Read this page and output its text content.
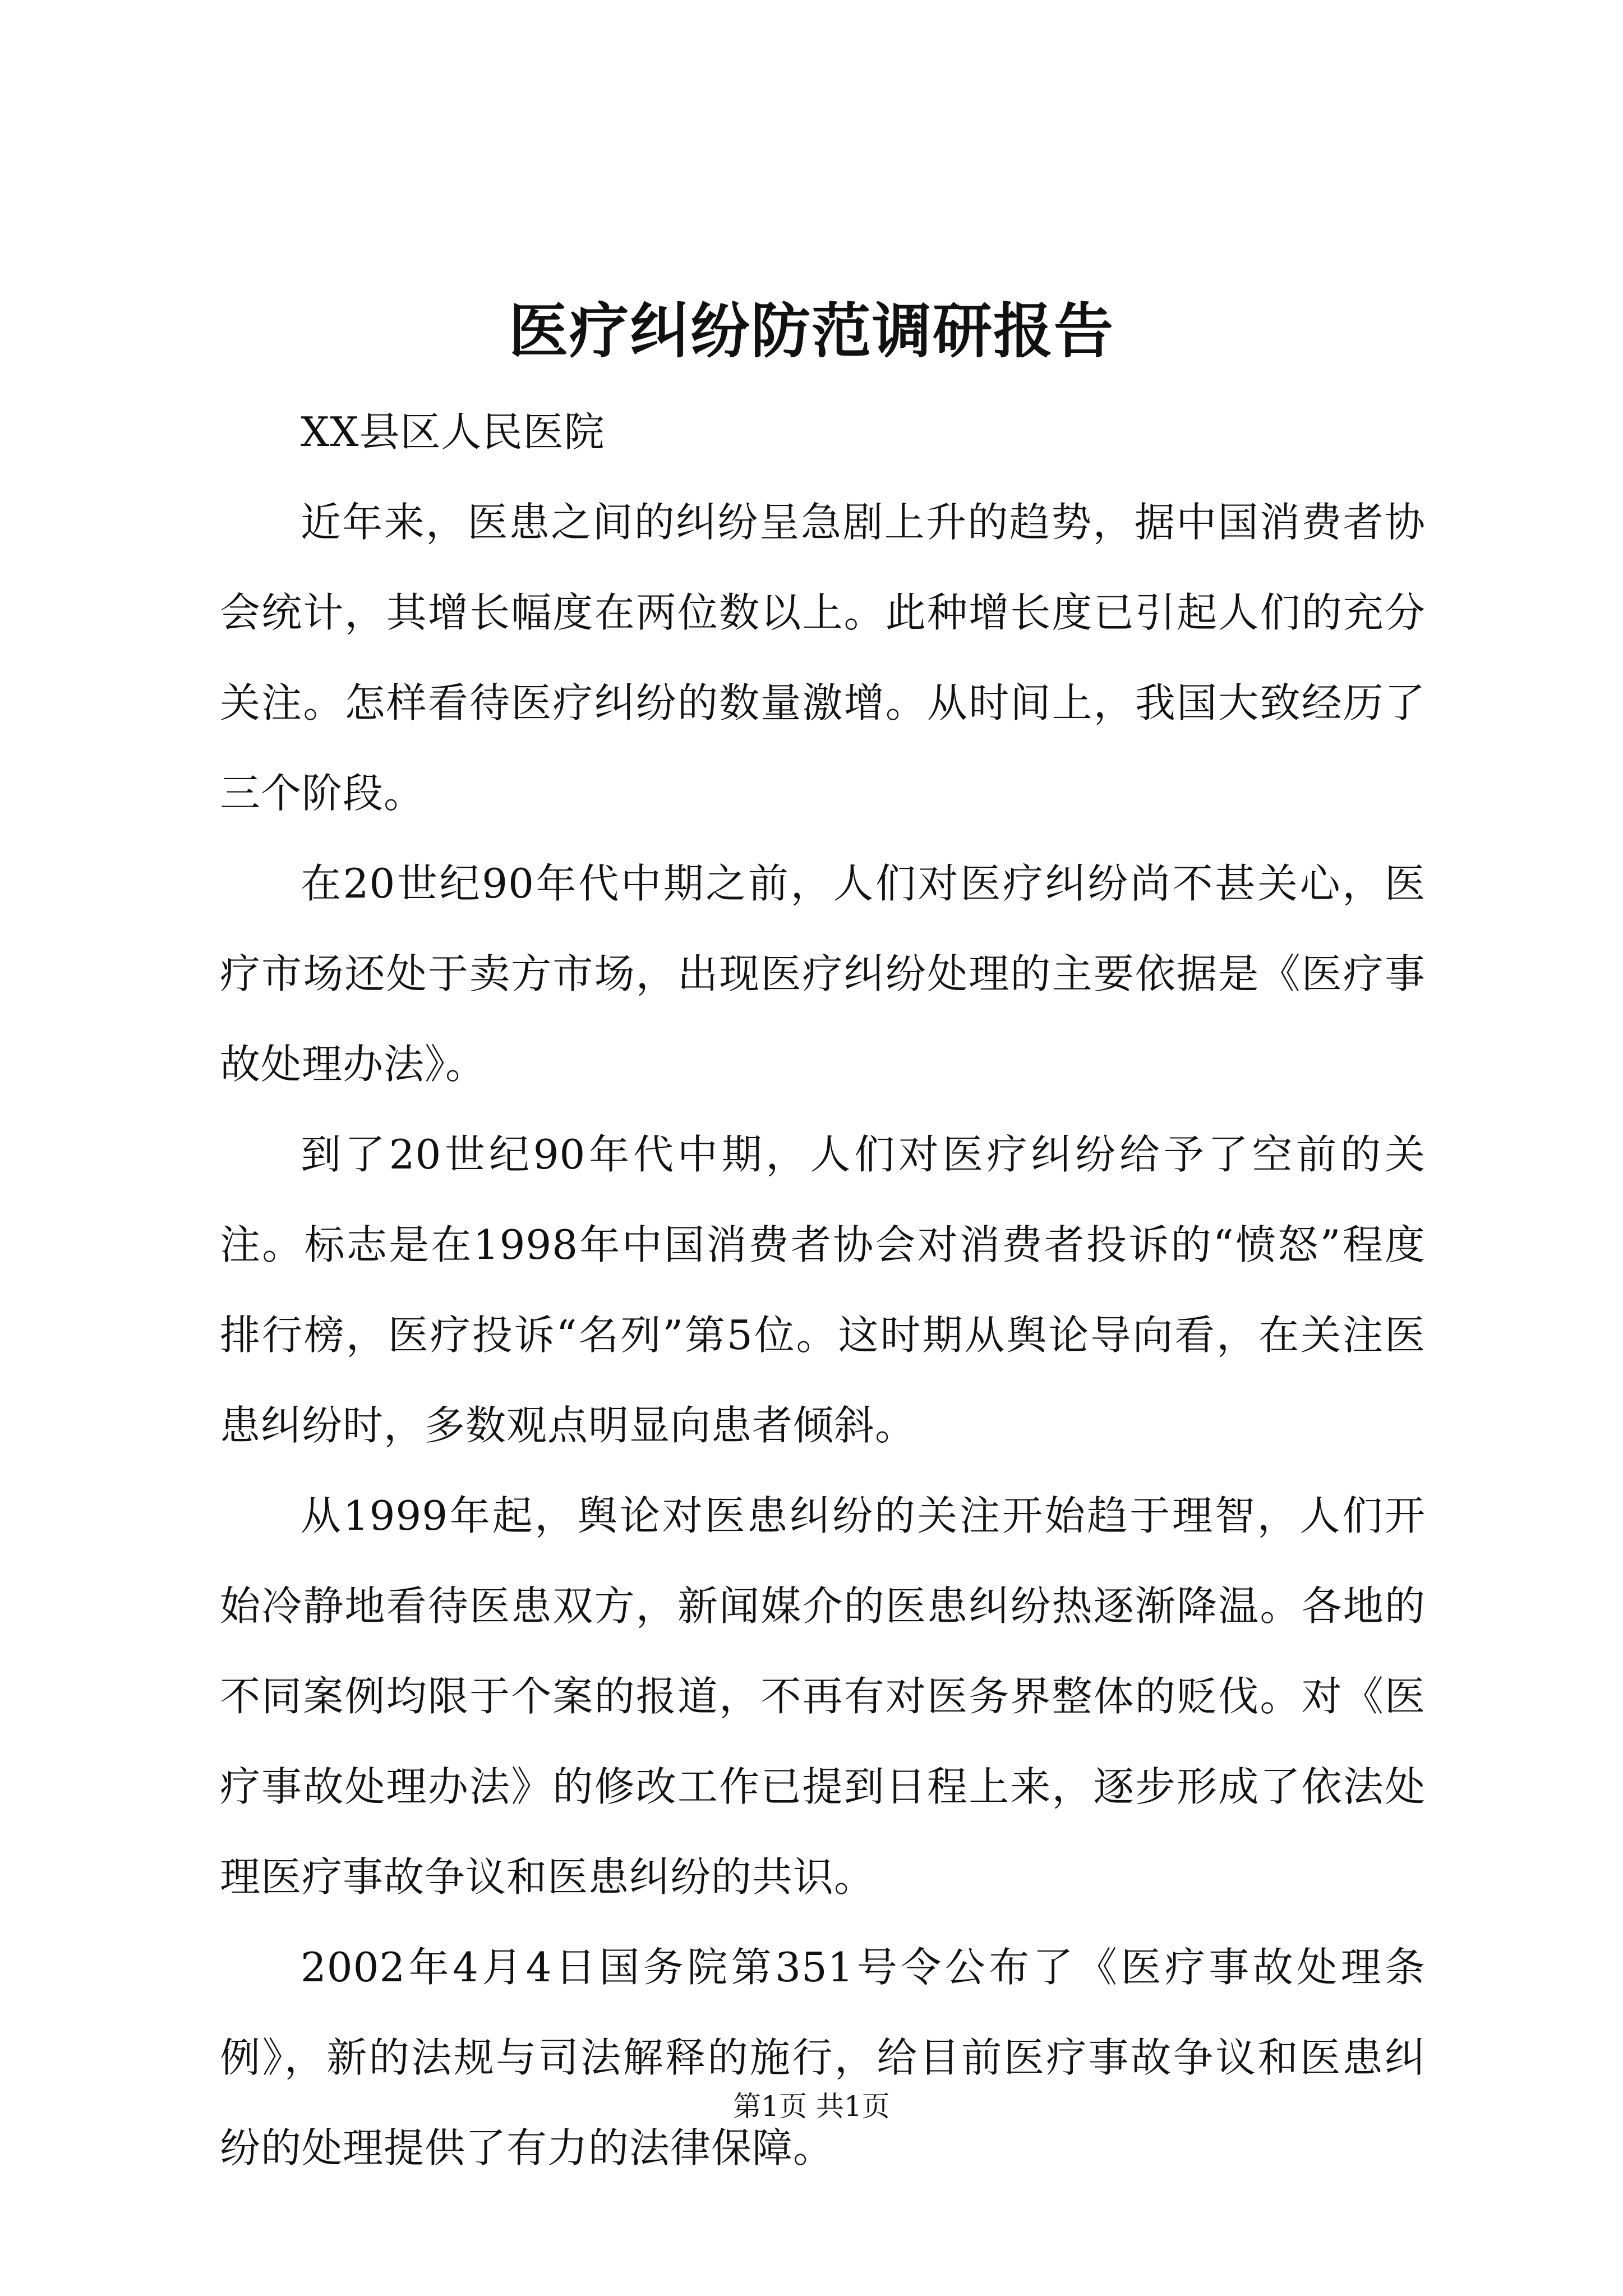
医疗纠纷防范调研报告

XX县区人民医院

近年来，医患之间的纠纷呈急剧上升的趋势，据中国消费者协会统计，其增长幅度在两位数以上。此种增长度已引起人们的充分关注。怎样看待医疗纠纷的数量激增。从时间上，我国大致经历了三个阶段。

在20世纪90年代中期之前，人们对医疗纠纷尚不甚关心，医疗市场还处于卖方市场，出现医疗纠纷处理的主要依据是《医疗事故处理办法》。

到了20世纪90年代中期，人们对医疗纠纷给予了空前的关注。标志是在1998年中国消费者协会对消费者投诉的“愤怒”程度排行榜，医疗投诉“名列”第5位。这时期从舆论导向看，在关注医患纠纷时，多数观点明显向患者倾斜。

从1999年起，舆论对医患纠纷的关注开始趋于理智，人们开始冷静地看待医患双方，新闻媒介的医患纠纷热逐渐降温。各地的不同案例均限于个案的报道，不再有对医务界整体的贬伐。对《医疗事故处理办法》的修改工作已提到日程上来，逐步形成了依法处理医疗事故争议和医患纠纷的共识。

2002年4月4日国务院第351号令公布了《医疗事故处理条例》，新的法规与司法解释的施行，给目前医疗事故争议和医患纠纷的处理提供了有力的法律保障。

第1页 共1页
